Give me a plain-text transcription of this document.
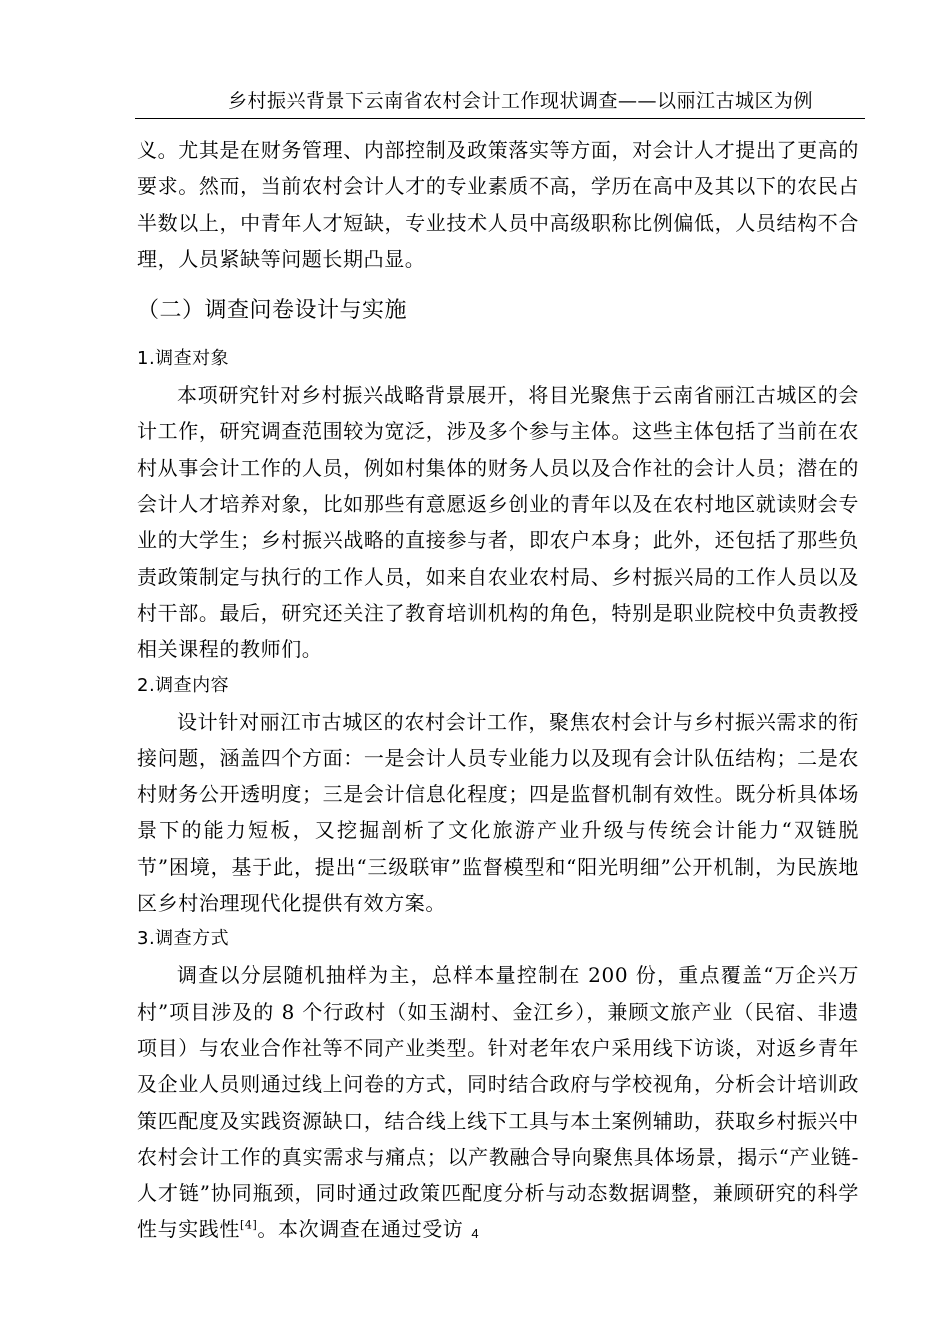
乡村振兴背景下云南省农村会计工作现状调查——以丽江古城区为例

义。尤其是在财务管理、内部控制及政策落实等方面，对会计人才提出了更高的要求。然而，当前农村会计人才的专业素质不高，学历在高中及其以下的农民占半数以上，中青年人才短缺，专业技术人员中高级职称比例偏低，人员结构不合理，人员紧缺等问题长期凸显。

（二）调查问卷设计与实施
1.调查对象

本项研究针对乡村振兴战略背景展开，将目光聚焦于云南省丽江古城区的会计工作，研究调查范围较为宽泛，涉及多个参与主体。这些主体包括了当前在农村从事会计工作的人员，例如村集体的财务人员以及合作社的会计人员；潜在的会计人才培养对象，比如那些有意愿返乡创业的青年以及在农村地区就读财会专业的大学生；乡村振兴战略的直接参与者，即农户本身；此外，还包括了那些负责政策制定与执行的工作人员，如来自农业农村局、乡村振兴局的工作人员以及村干部。最后，研究还关注了教育培训机构的角色，特别是职业院校中负责教授相关课程的教师们。

2.调查内容

设计针对丽江市古城区的农村会计工作，聚焦农村会计与乡村振兴需求的衔接问题，涵盖四个方面：一是会计人员专业能力以及现有会计队伍结构；二是农村财务公开透明度；三是会计信息化程度；四是监督机制有效性。既分析具体场景下的能力短板，又挖掘剖析了文化旅游产业升级与传统会计能力“双链脱节”困境，基于此，提出“三级联审”监督模型和“阳光明细”公开机制，为民族地区乡村治理现代化提供有效方案。

3.调查方式

调查以分层随机抽样为主，总样本量控制在 200 份，重点覆盖“万企兴万村”项目涉及的 8 个行政村（如玉湖村、金江乡），兼顾文旅产业（民宿、非遗项目）与农业合作社等不同产业类型。针对老年农户采用线下访谈，对返乡青年及企业人员则通过线上问卷的方式，同时结合政府与学校视角，分析会计培训政策匹配度及实践资源缺口，结合线上线下工具与本土案例辅助，获取乡村振兴中农村会计工作的真实需求与痛点；以产教融合导向聚焦具体场景，揭示“产业链-人才链”协同瓶颈，同时通过政策匹配度分析与动态数据调整，兼顾研究的科学性与实践性[4]。本次调查在通过受访 4
